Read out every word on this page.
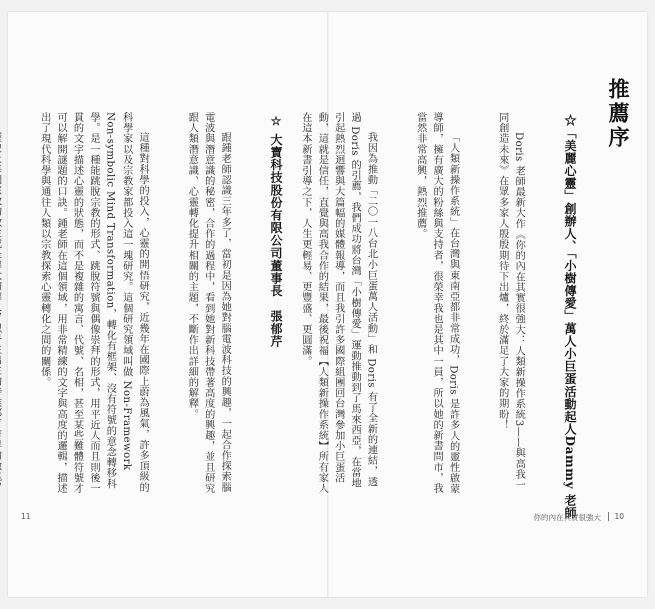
推薦序
☆「美麗心靈」創辦人、「小樹傳愛」萬人小巨蛋活動起人Dammy 老師

Doris 老師最新大作《你的內在其實很強大：人類新操作系統3——與高我一同創造未來》在眾多家人殷殷期待下出爐，終於滿足了大家的期盼！

「人類新操作系統」在台灣與東南亞都非常成功，Doris 是許多人的靈性啟蒙導師，擁有廣大的粉絲與支持者，很榮幸我也是其中一員，所以她的新書問市，我當然非常高興，熱烈推薦。

我因為推動「二〇一八台北小巨蛋萬人活動」和 Doris 有了全新的連結，透過 Doris 的引薦，我們成功將台灣「小樹傳愛」運動推動到了馬來西亞，在當地引起熱烈迴響與大篇幅的媒體報導，而且我引許多國際組團回台灣參加小巨蛋活動，這就是信任，直覺與高我合作的結果，最後祝福【人類新操作系統】所有家人在這本新書引導之下，人生更輕易、更豐盛、更圓滿。

你的內在其實很強大 10
☆ 大寶科技股份有限公司董事長　張郁芹

跟鍾老師認識三年多了，當初是因為她對腦電波科技的興趣，一起合作探索腦電波與潛意識的秘密，合作的過程中，看到她對新科技帶著高度的興趣，並且研究跟人類潛意識、心靈轉化提升相關的主題，不斷作出詳細的解釋。

這種對科學的投入，心靈的開悟研究，近幾年在國際上蔚為風氣，許多頂級的科學家以及宗教家都投入這一塊研究。這個研究領域叫做 Non-Framework Non-symbolic Mind Transformation，轉化有框架、沒有符號的意念轉移科學。是一種能跳脫宗教的形式、跳脫符號與偶像崇拜的形式，用平近人而且則後一貫的文字描述心靈的狀態，而不是複雜的寓言、代號、名相，甚至某些難體符號才可以解開謎題的口訣。鍾老師在這個領域，用非常精練的文字與高度的邏輯，描述出了現代科學與通往人類以宗教探索心靈轉化之間的關係。

11
